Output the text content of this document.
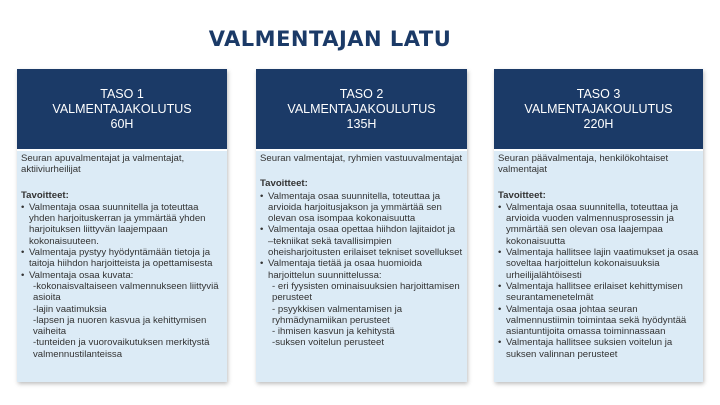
VALMENTAJAN LATU
TASO 1
VALMENTAJAKOLUTUS
60H

Seuran apuvalmentajat ja valmentajat, aktiiviurheilijat

Tavoitteet:

• Valmentaja osaa suunnitella ja toteuttaa yhden harjoituskerran ja ymmärtää yhden harjoituksen liittyvän laajempaan kokonaisuuteen.
• Valmentaja pystyy hyödyntämään tietoja ja taitoja hiihdon harjoitteista ja opettamisesta
• Valmentaja osaa kuvata:
-kokonaisvaltaiseen valmennukseen liittyviä asioita
-lajin vaatimuksia
-lapsen ja nuoren kasvua ja kehittymisen vaiheita
-tunteiden ja vuorovaikutuksen merkitystä valmennustilanteissa
TASO 2
VALMENTAJAKOULUTUS
135H

Seuran valmentajat, ryhmien vastuuvalmentajat

Tavoitteet:

• Valmentaja osaa suunnitella, toteuttaa ja arvioida harjoitusjakson ja ymmärtää sen olevan osa isompaa kokonaisuutta
• Valmentaja osaa opettaa hiihdon lajitaidot ja –tekniikat sekä tavallisimpien oheisharjoitusten erilaiset tekniset sovellukset
• Valmentaja tietää ja osaa huomioida harjoittelun suunnittelussa:
- eri fyysisten ominaisuuksien harjoittamisen perusteet
- psyykkisen valmentamisen ja ryhmädynamiikan perusteet
- ihmisen kasvun ja kehitystä
-suksen voitelun perusteet
TASO 3
VALMENTAJAKOULUTUS
220H

Seuran päävalmentaja, henkilökohtaiset valmentajat

Tavoitteet:

• Valmentaja osaa suunnitella, toteuttaa ja arvioida vuoden valmennusprosessin ja ymmärtää sen olevan osa laajempaa kokonaisuutta
• Valmentaja hallitsee lajin vaatimukset ja osaa soveltaa harjoittelun kokonaisuuksia urheilijalähtöisesti
• Valmentaja hallitsee erilaiset kehittymisen seurantamenetelmät
• Valmentaja osaa johtaa seuran valmennustiimin toimintaa sekä hyödyntää asiantuntijoita omassa toiminnassaan
• Valmentaja hallitsee suksien voitelun ja suksen valinnan perusteet
